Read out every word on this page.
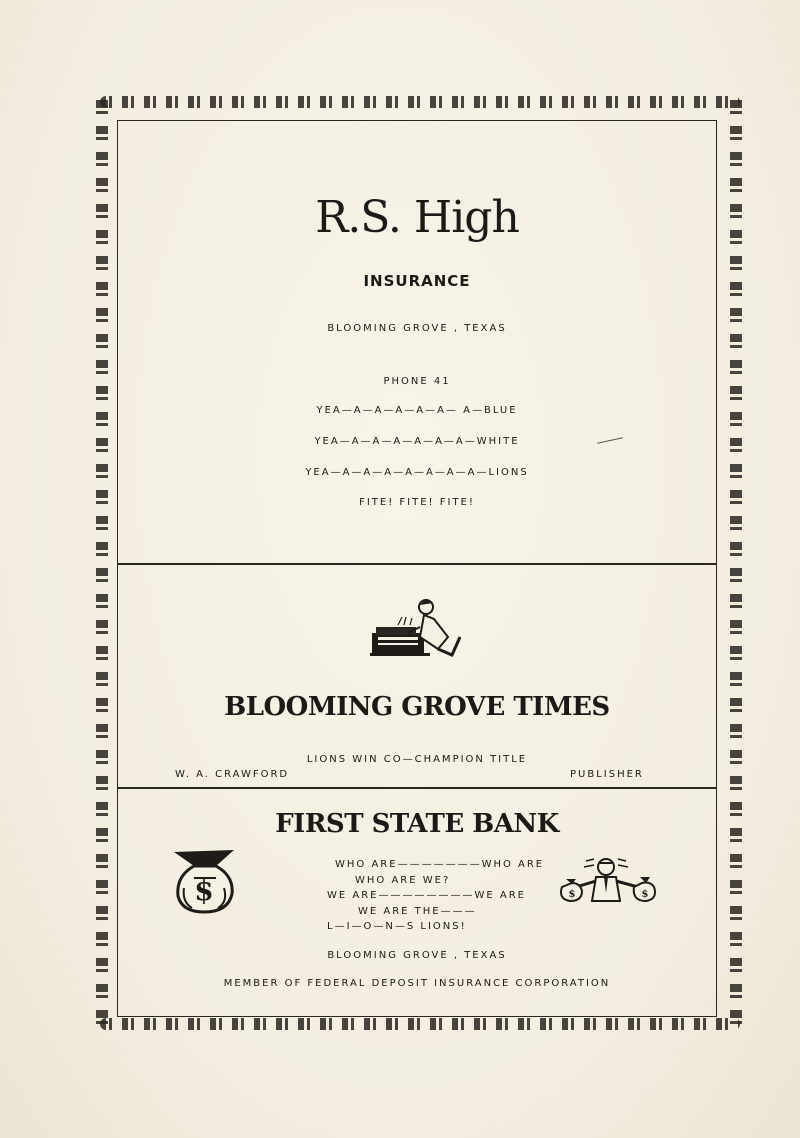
R.S. High
INSURANCE
BLOOMING GROVE , TEXAS
PHONE 41
YEA—A—A—A—A—A— A—BLUE
YEA—A—A—A—A—A—A—WHITE
YEA—A—A—A—A—A—A—A—LIONS
FITE! FITE! FITE!
BLOOMING GROVE TIMES
LIONS WIN CO—CHAMPION TITLE
W. A. CRAWFORD	PUBLISHER
FIRST STATE BANK
$
WHO ARE———————WHO ARE
WHO ARE WE?
WE ARE————————WE ARE
WE ARE THE———
L—I—O—N—S LIONS!
$	$
BLOOMING GROVE , TEXAS
MEMBER OF FEDERAL DEPOSIT INSURANCE CORPORATION
